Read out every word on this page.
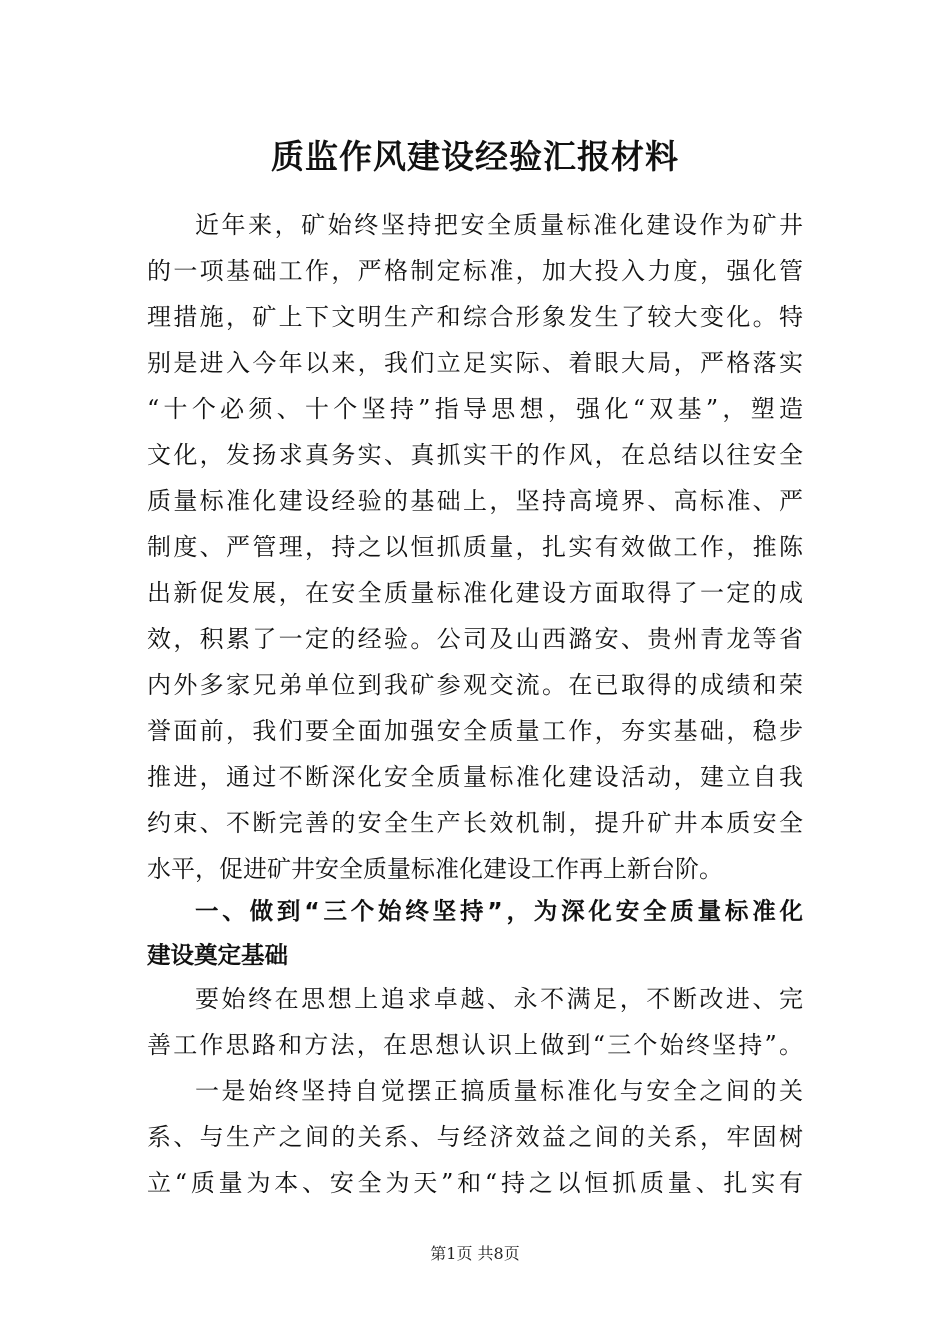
质监作风建设经验汇报材料
近年来，矿始终坚持把安全质量标准化建设作为矿井
的一项基础工作，严格制定标准，加大投入力度，强化管
理措施，矿上下文明生产和综合形象发生了较大变化。特
别是进入今年以来，我们立足实际、着眼大局，严格落实
“十个必须、十个坚持”指导思想，强化“双基”，塑造
文化，发扬求真务实、真抓实干的作风，在总结以往安全
质量标准化建设经验的基础上，坚持高境界、高标准、严
制度、严管理，持之以恒抓质量，扎实有效做工作，推陈
出新促发展，在安全质量标准化建设方面取得了一定的成
效，积累了一定的经验。公司及山西潞安、贵州青龙等省
内外多家兄弟单位到我矿参观交流。在已取得的成绩和荣
誉面前，我们要全面加强安全质量工作，夯实基础，稳步
推进，通过不断深化安全质量标准化建设活动，建立自我
约束、不断完善的安全生产长效机制，提升矿井本质安全
水平，促进矿井安全质量标准化建设工作再上新台阶。
一、做到“三个始终坚持”，为深化安全质量标准化
建设奠定基础
要始终在思想上追求卓越、永不满足，不断改进、完
善工作思路和方法，在思想认识上做到“三个始终坚持”。
一是始终坚持自觉摆正搞质量标准化与安全之间的关
系、与生产之间的关系、与经济效益之间的关系，牢固树
立“质量为本、安全为天”和“持之以恒抓质量、扎实有
第1页 共8页
